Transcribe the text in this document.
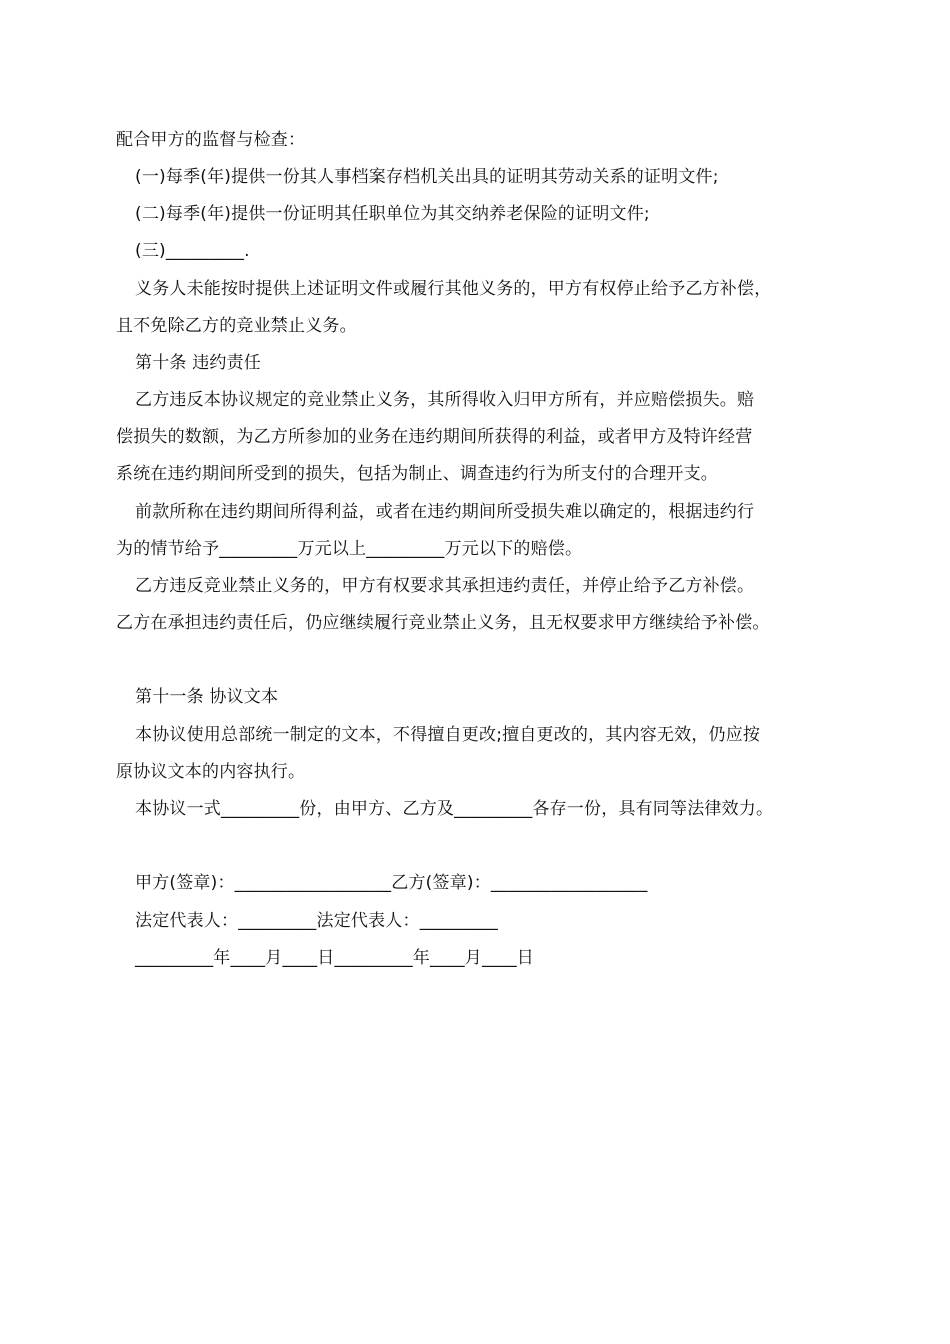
配合甲方的监督与检查：
(一)每季(年)提供一份其人事档案存档机关出具的证明其劳动关系的证明文件;
(二)每季(年)提供一份证明其任职单位为其交纳养老保险的证明文件;
(三)_________.
义务人未能按时提供上述证明文件或履行其他义务的，甲方有权停止给予乙方补偿，
且不免除乙方的竞业禁止义务。
第十条 违约责任
乙方违反本协议规定的竞业禁止义务，其所得收入归甲方所有，并应赔偿损失。赔
偿损失的数额，为乙方所参加的业务在违约期间所获得的利益，或者甲方及特许经营
系统在违约期间所受到的损失，包括为制止、调查违约行为所支付的合理开支。
前款所称在违约期间所得利益，或者在违约期间所受损失难以确定的，根据违约行
为的情节给予_________万元以上_________万元以下的赔偿。
乙方违反竞业禁止义务的，甲方有权要求其承担违约责任，并停止给予乙方补偿。
乙方在承担违约责任后，仍应继续履行竞业禁止义务，且无权要求甲方继续给予补偿。
第十一条 协议文本
本协议使用总部统一制定的文本，不得擅自更改;擅自更改的，其内容无效，仍应按
原协议文本的内容执行。
本协议一式_________份，由甲方、乙方及_________各存一份，具有同等法律效力。
甲方(签章)：__________________乙方(签章)：__________________
法定代表人：_________法定代表人：_________
_________年____月____日_________年____月____日
